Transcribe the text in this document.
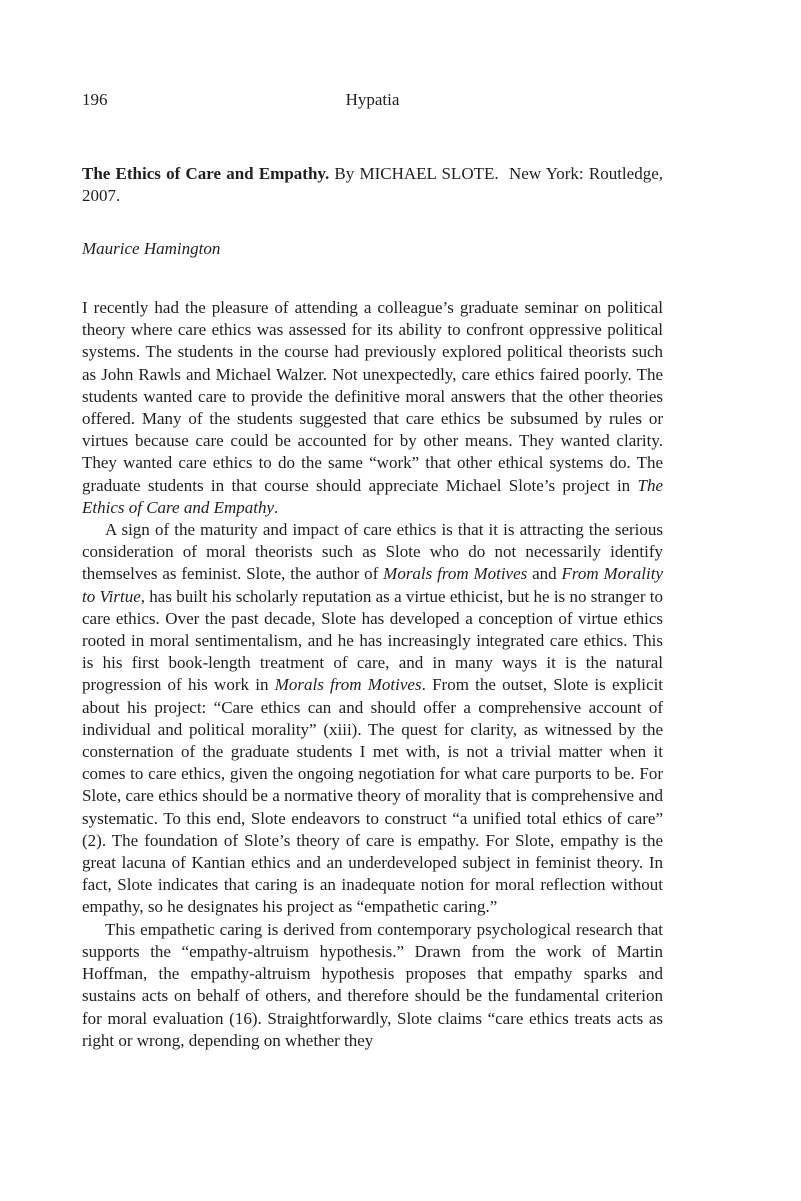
196	Hypatia
The Ethics of Care and Empathy. By MICHAEL SLOTE.  New York: Routledge, 2007.
Maurice Hamington

I recently had the pleasure of attending a colleague’s graduate seminar on political theory where care ethics was assessed for its ability to confront oppressive political systems. The students in the course had previously explored political theorists such as John Rawls and Michael Walzer. Not unexpectedly, care ethics faired poorly. The students wanted care to provide the definitive moral answers that the other theories offered. Many of the students suggested that care ethics be subsumed by rules or virtues because care could be accounted for by other means. They wanted clarity. They wanted care ethics to do the same “work” that other ethical systems do. The graduate students in that course should appreciate Michael Slote’s project in The Ethics of Care and Empathy.

A sign of the maturity and impact of care ethics is that it is attracting the serious consideration of moral theorists such as Slote who do not necessarily identify themselves as feminist. Slote, the author of Morals from Motives and From Morality to Virtue, has built his scholarly reputation as a virtue ethicist, but he is no stranger to care ethics. Over the past decade, Slote has developed a conception of virtue ethics rooted in moral sentimentalism, and he has increasingly integrated care ethics. This is his first book-length treatment of care, and in many ways it is the natural progression of his work in Morals from Motives. From the outset, Slote is explicit about his project: “Care ethics can and should offer a comprehensive account of individual and political morality” (xiii). The quest for clarity, as witnessed by the consternation of the graduate students I met with, is not a trivial matter when it comes to care ethics, given the ongoing negotiation for what care purports to be. For Slote, care ethics should be a normative theory of morality that is comprehensive and systematic. To this end, Slote endeavors to construct “a unified total ethics of care” (2). The foundation of Slote’s theory of care is empathy. For Slote, empathy is the great lacuna of Kantian ethics and an underdeveloped subject in feminist theory. In fact, Slote indicates that caring is an inadequate notion for moral reflection without empathy, so he designates his project as “empathetic caring.”

This empathetic caring is derived from contemporary psychological research that supports the “empathy-altruism hypothesis.” Drawn from the work of Martin Hoffman, the empathy-altruism hypothesis proposes that empathy sparks and sustains acts on behalf of others, and therefore should be the fundamental criterion for moral evaluation (16). Straightforwardly, Slote claims “care ethics treats acts as right or wrong, depending on whether they
